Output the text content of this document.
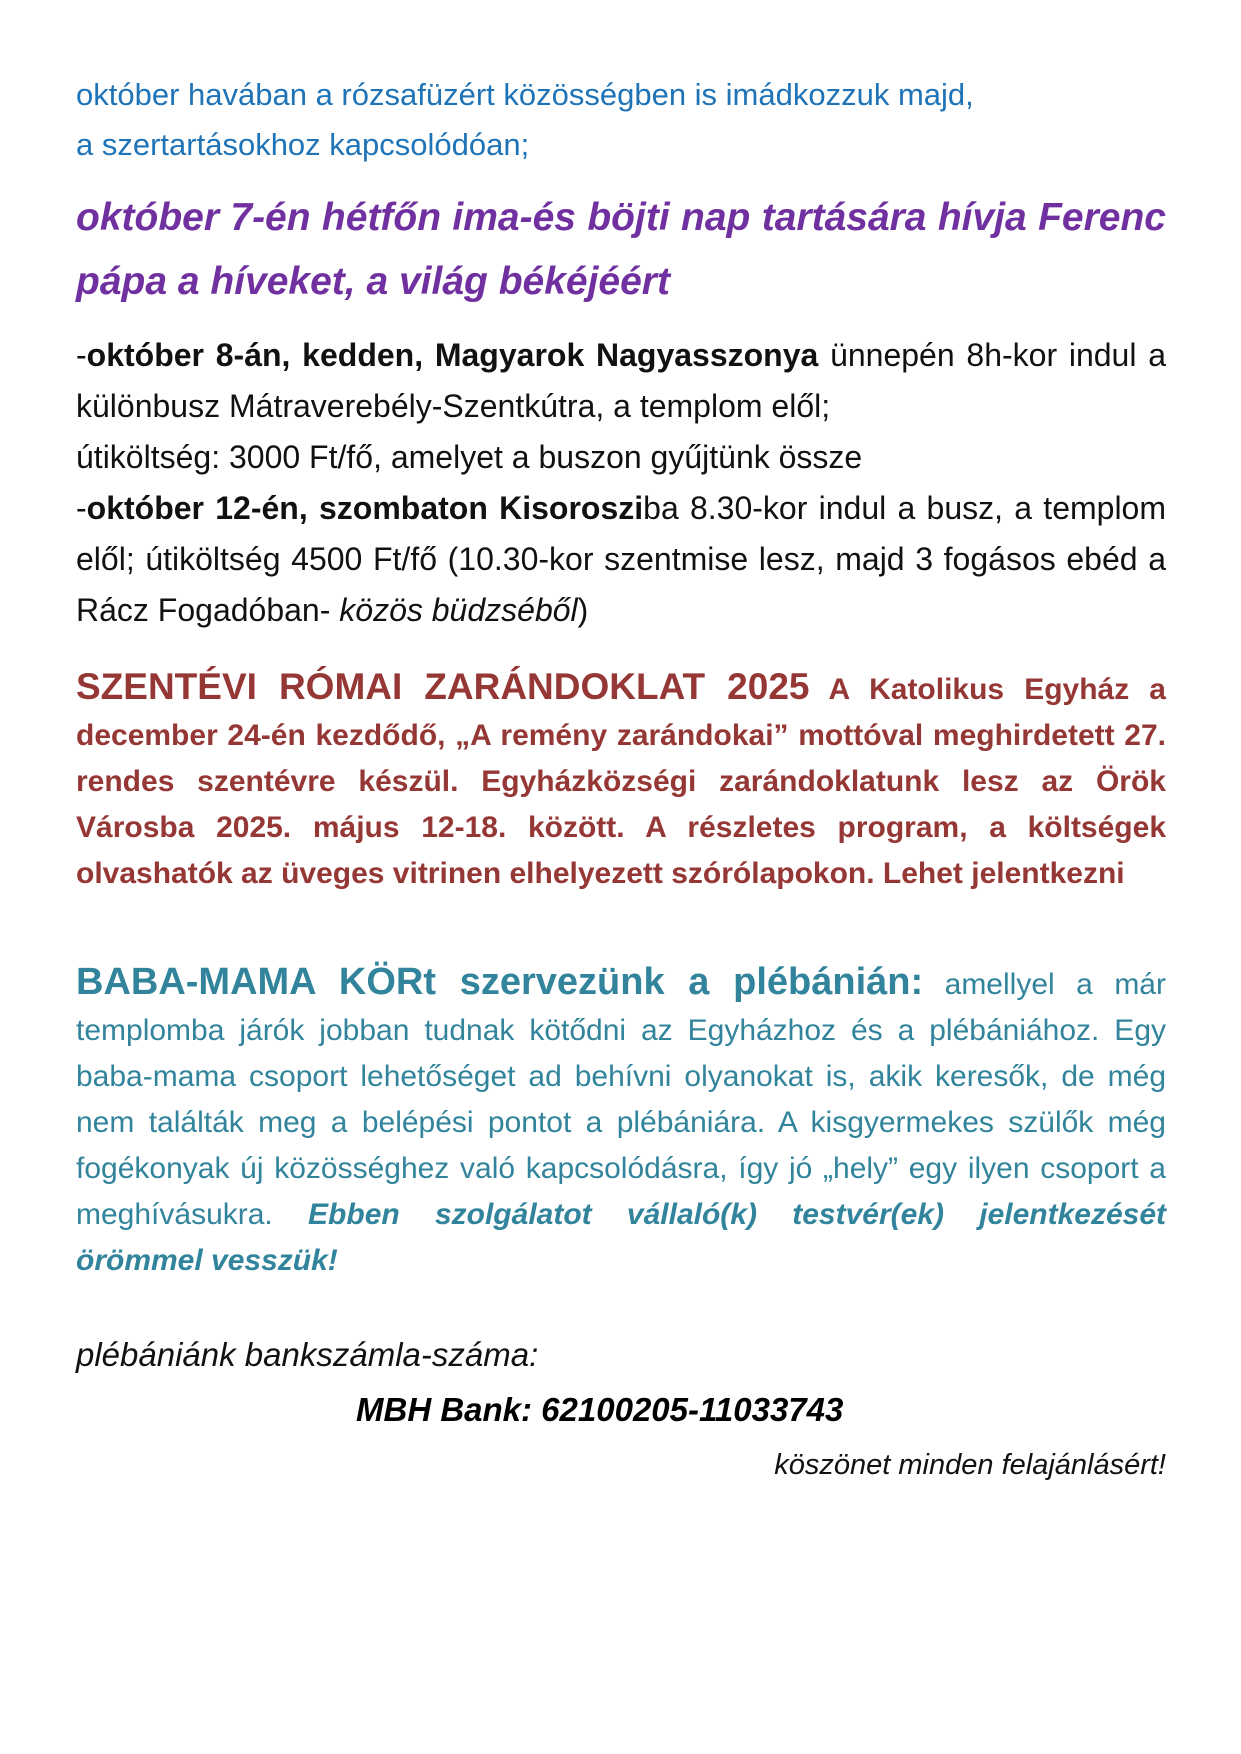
október havában a rózsafüzért közösségben is imádkozzuk majd,

a szertartásokhoz kapcsolódóan;

október 7-én hétfőn ima-és böjti nap tartására hívja Ferenc pápa a híveket, a világ békéjéért

-október 8-án, kedden, Magyarok Nagyasszonya ünnepén 8h-kor indul a különbusz Mátraverebély-Szentkútra, a templom elől;
útiköltség: 3000 Ft/fő, amelyet a buszon gyűjtünk össze
-október 12-én, szombaton Kisorosziba 8.30-kor indul a busz, a templom elől; útiköltség 4500 Ft/fő (10.30-kor szentmise lesz, majd 3 fogásos ebéd a Rácz Fogadóban- közös büdzséből)

SZENTÉVI RÓMAI ZARÁNDOKLAT 2025 A Katolikus Egyház a december 24-én kezdődő, „A remény zarándokai” mottóval meghirdetett 27. rendes szentévre készül. Egyházközségi zarándoklatunk lesz az Örök Városba 2025. május 12-18. között. A részletes program, a költségek olvashatók az üveges vitrinen elhelyezett szórólapokon. Lehet jelentkezni

BABA-MAMA KÖRt szervezünk a plébánián: amellyel a már templomba járók jobban tudnak kötődni az Egyházhoz és a plébániához. Egy baba-mama csoport lehetőséget ad behívni olyanokat is, akik keresők, de még nem találták meg a belépési pontot a plébániára. A kisgyermekes szülők még fogékonyak új közösséghez való kapcsolódásra, így jó „hely” egy ilyen csoport a meghívásukra. Ebben szolgálatot vállaló(k) testvér(ek) jelentkezését örömmel vesszük!

plébániánk bankszámla-száma:

MBH Bank: 62100205-11033743

köszönet minden felajánlásért!
